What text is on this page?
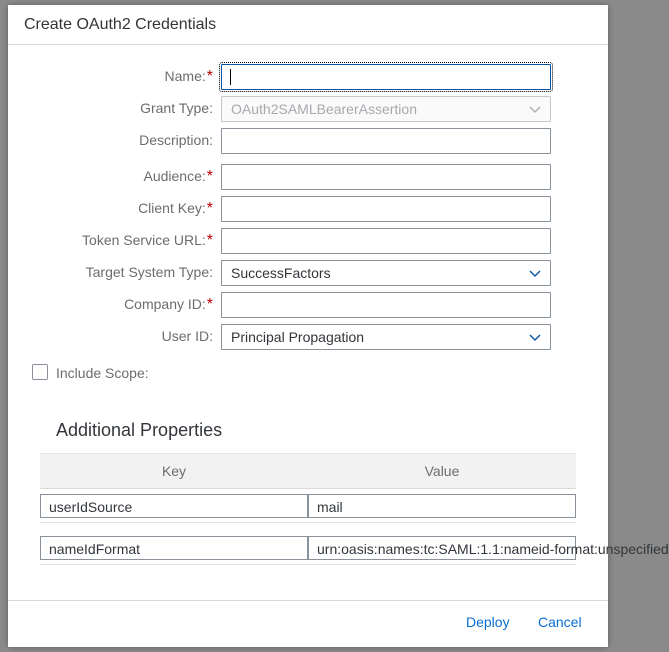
Create OAuth2 Credentials
Name:*
Grant Type: OAuth2SAMLBearerAssertion
Description:
Audience:*
Client Key:*
Token Service URL:*
Target System Type: SuccessFactors
Company ID:*
User ID: Principal Propagation
Include Scope:
Additional Properties
Key	Value
userIdSource	mail
nameIdFormat	urn:oasis:names:tc:SAML:1.1:nameid-format:unspecified
Deploy Cancel
